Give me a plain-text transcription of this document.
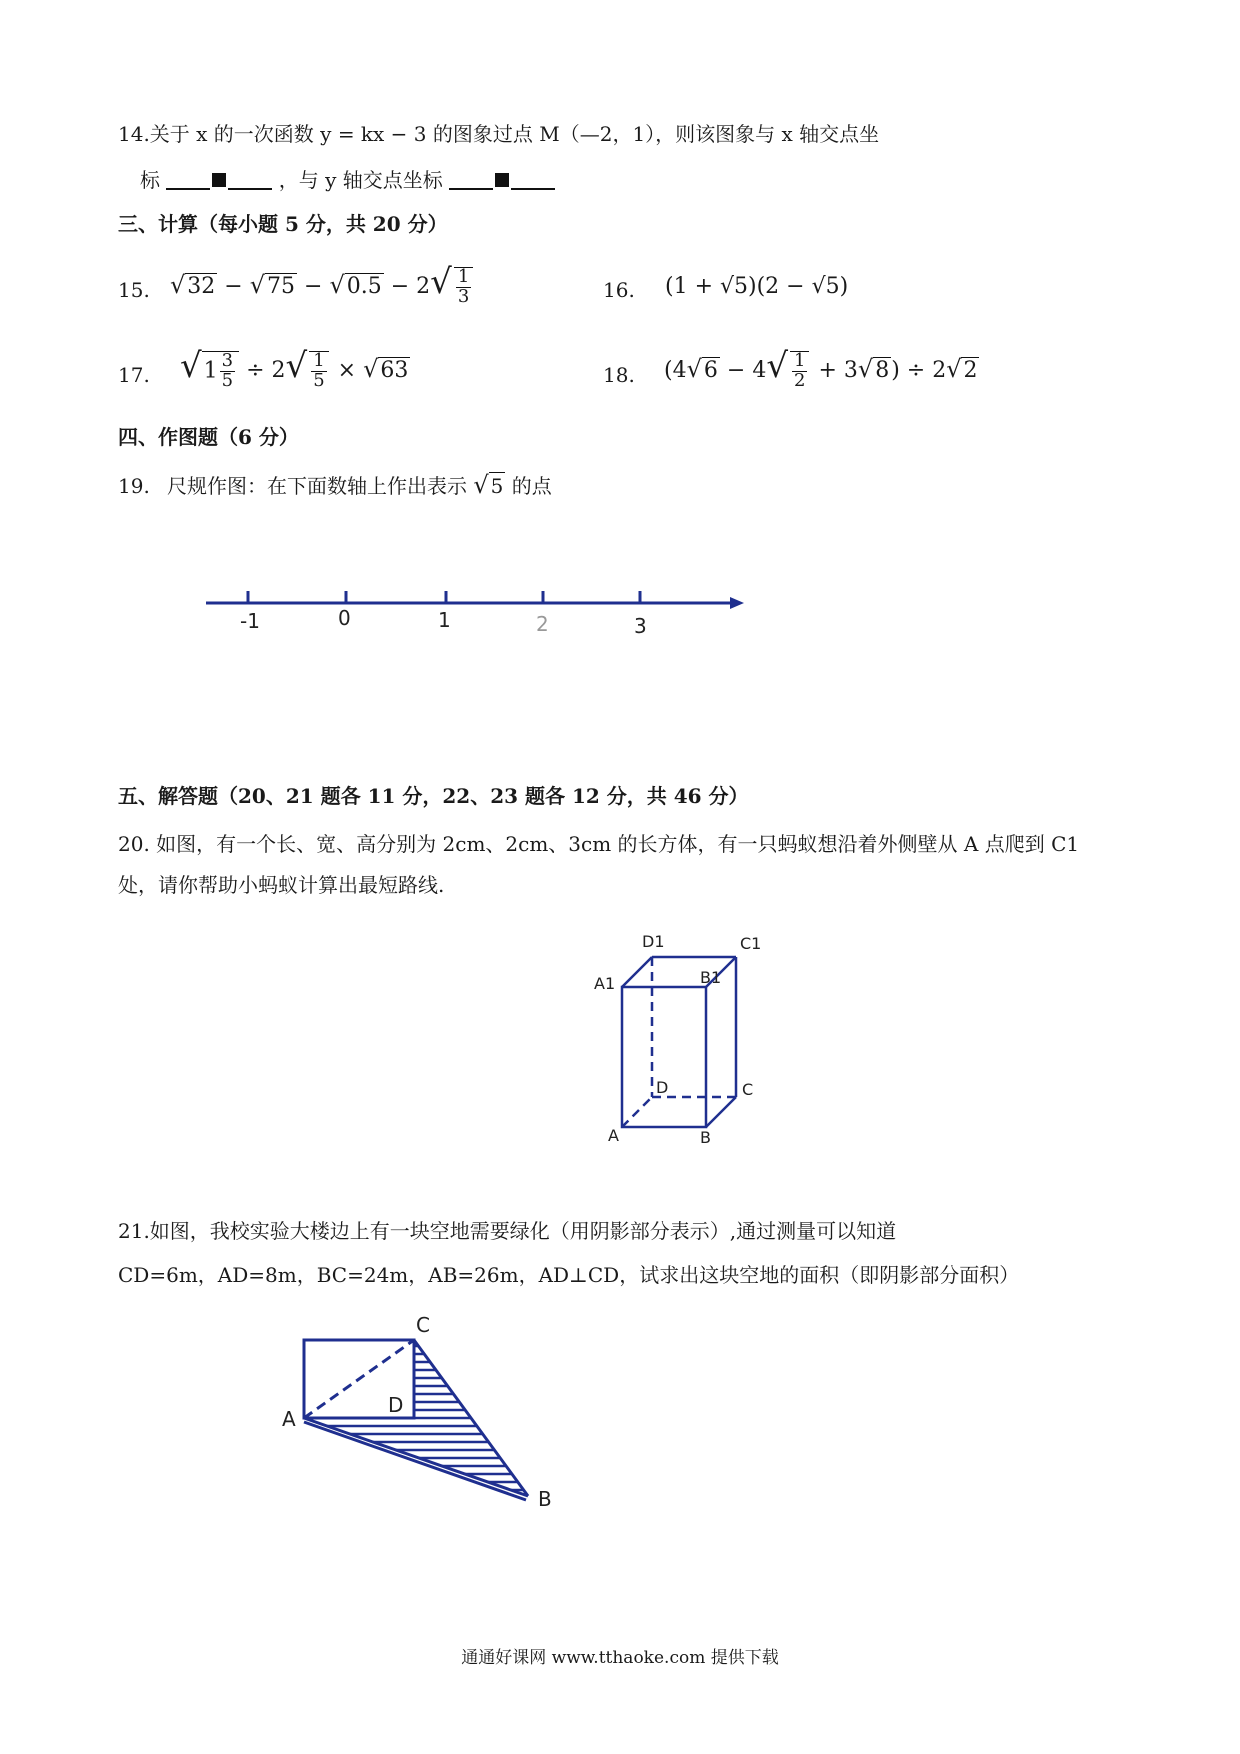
14.关于 x 的一次函数 y = kx − 3 的图象过点 M（—2，1），则该图象与 x 轴交点坐
标	，与 y 轴交点坐标
三、计算（每小题 5 分，共 20 分）
15. $√32 - √75 - √0.5 - 2√ \frac{1}{3}$	16. (1 + √5)(2 − √5)
17. $√1 \frac{3}{5} \div 2√ \frac{1}{5} \times √63$	18. $(4√6 - 4√ \frac{1}{2} + 3√8) \div 2√2$
四、作图题（6 分）
19. 尺规作图：在下面数轴上作出表示 √ 5 的点
-1	0	1	2	3
五、解答题（20、21 题各 11 分，22、23 题各 12 分，共 46 分）
20. 如图，有一个长、宽、高分别为 2cm、2cm、3cm 的长方体，有一只蚂蚁想沿着外侧壁从 A 点爬到 C1
处，请你帮助小蚂蚁计算出最短路线.
D1	C1
A1	B1
D	C
A	B
21.如图，我校实验大楼边上有一块空地需要绿化（用阴影部分表示）,通过测量可以知道
CD=6m，AD=8m，BC=24m，AB=26m，AD⊥CD，试求出这块空地的面积（即阴影部分面积）
C
D
A
B
通通好课网 www.tthaoke.com 提供下载
